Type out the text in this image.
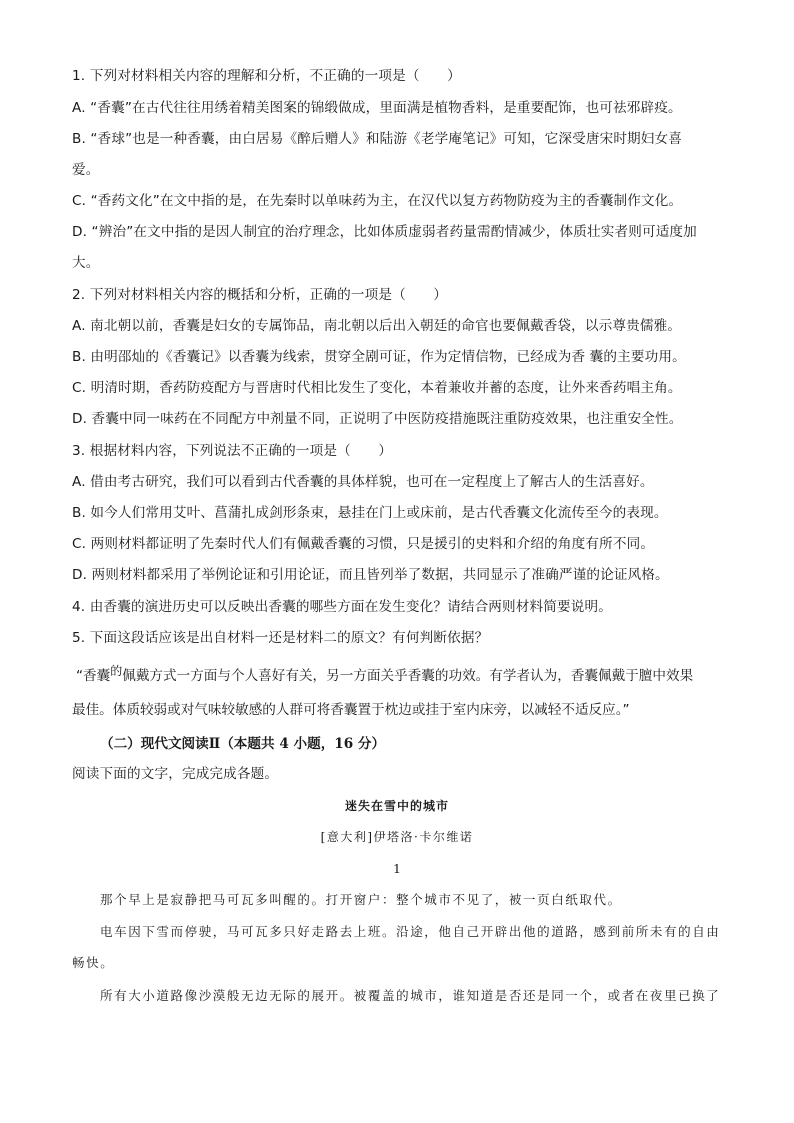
1. 下列对材料相关内容的理解和分析，不正确的一项是（　　）
A. “香囊”在古代往往用绣着精美图案的锦缎做成，里面满是植物香料，是重要配饰，也可祛邪辟疫。
B. “香球”也是一种香囊，由白居易《醉后赠人》和陆游《老学庵笔记》可知，它深受唐宋时期妇女喜
爱。
C. “香药文化”在文中指的是，在先秦时以单味药为主，在汉代以复方药物防疫为主的香囊制作文化。
D. “辨治”在文中指的是因人制宜的治疗理念，比如体质虚弱者药量需酌情减少，体质壮实者则可适度加
大。
2. 下列对材料相关内容的概括和分析，正确的一项是（　　）
A. 南北朝以前，香囊是妇女的专属饰品，南北朝以后出入朝廷的命官也要佩戴香袋，以示尊贵儒雅。
B. 由明邵灿的《香囊记》以香囊为线索，贯穿全剧可证，作为定情信物，已经成为香 囊的主要功用。
C. 明清时期，香药防疫配方与晋唐时代相比发生了变化，本着兼收并蓄的态度，让外来香药唱主角。
D. 香囊中同一味药在不同配方中剂量不同，正说明了中医防疫措施既注重防疫效果，也注重安全性。
3. 根据材料内容，下列说法不正确的一项是（　　）
A. 借由考古研究，我们可以看到古代香囊的具体样貌，也可在一定程度上了解古人的生活喜好。
B. 如今人们常用艾叶、菖蒲扎成剑形条束，悬挂在门上或床前，是古代香囊文化流传至今的表现。
C. 两则材料都证明了先秦时代人们有佩戴香囊的习惯，只是援引的史料和介绍的角度有所不同。
D. 两则材料都采用了举例论证和引用论证，而且皆列举了数据，共同显示了准确严谨的论证风格。
4. 由香囊的演进历史可以反映出香囊的哪些方面在发生变化？请结合两则材料简要说明。
5. 下面这段话应该是出自材料一还是材料二的原文？有何判断依据？
“香囊的佩戴方式一方面与个人喜好有关，另一方面关乎香囊的功效。有学者认为，香囊佩戴于膻中效果
最佳。体质较弱或对气味较敏感的人群可将香囊置于枕边或挂于室内床旁，以减轻不适反应。”
（二）现代文阅读Ⅱ（本题共 4 小题，16 分）
阅读下面的文字，完成完成各题。
迷失在雪中的城市
[意大利]伊塔洛·卡尔维诺
1
那个早上是寂静把马可瓦多叫醒的。打开窗户：整个城市不见了，被一页白纸取代。
电车因下雪而停驶，马可瓦多只好走路去上班。沿途，他自己开辟出他的道路，感到前所未有的自由
畅快。
所有大小道路像沙漠般无边无际的展开。被覆盖的城市，谁知道是否还是同一个，或者在夜里已换了
